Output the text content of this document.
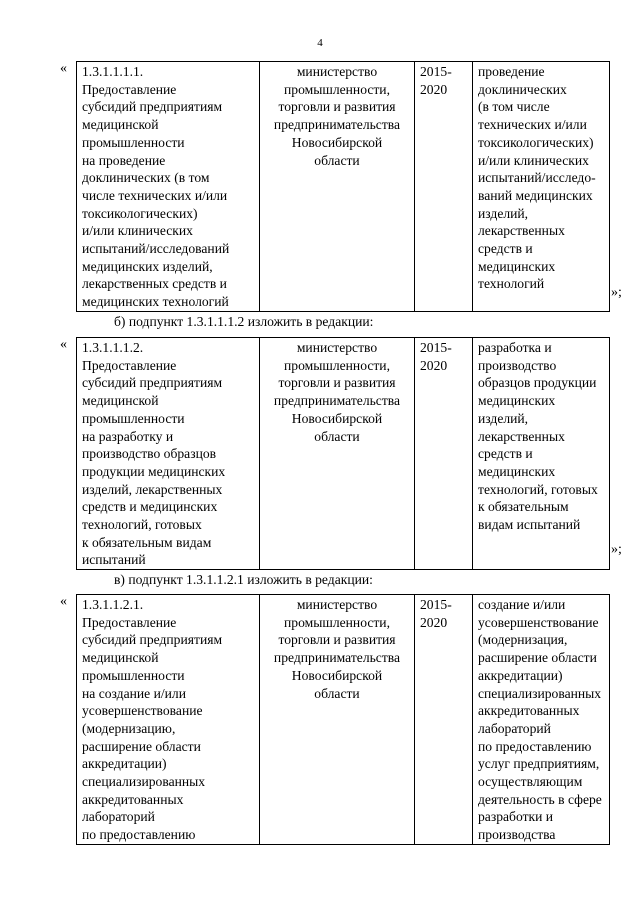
4
« 1.3.1.1.1.1.
Предоставление
субсидий предприятиям
медицинской
промышленности
на проведение
доклинических (в том
числе технических и/или
токсикологических)
и/или клинических
испытаний/исследований
медицинских изделий,
лекарственных средств и
медицинских технологий	министерство
промышленности,
торговли и развития
предпринимательства
Новосибирской
области	2015-
2020	проведение
доклинических
(в том числе
технических и/или
токсикологических)
и/или клинических
испытаний/исследо-
ваний медицинских
изделий,
лекарственных
средств и
медицинских
технологий
»;
б) подпункт 1.3.1.1.1.2 изложить в редакции:
« 1.3.1.1.1.2.
Предоставление
субсидий предприятиям
медицинской
промышленности
на разработку и
производство образцов
продукции медицинских
изделий, лекарственных
средств и медицинских
технологий, готовых
к обязательным видам
испытаний	министерство
промышленности,
торговли и развития
предпринимательства
Новосибирской
области	2015-
2020	разработка и
производство
образцов продукции
медицинских
изделий,
лекарственных
средств и
медицинских
технологий, готовых
к обязательным
видам испытаний
»;
в) подпункт 1.3.1.1.2.1 изложить в редакции:
« 1.3.1.1.2.1.
Предоставление
субсидий предприятиям
медицинской
промышленности
на создание и/или
усовершенствование
(модернизацию,
расширение области
аккредитации)
специализированных
аккредитованных
лабораторий
по предоставлению	министерство
промышленности,
торговли и развития
предпринимательства
Новосибирской
области	2015-
2020	создание и/или
усовершенствование
(модернизация,
расширение области
аккредитации)
специализированных
аккредитованных
лабораторий
по предоставлению
услуг предприятиям,
осуществляющим
деятельность в сфере
разработки и
производства
